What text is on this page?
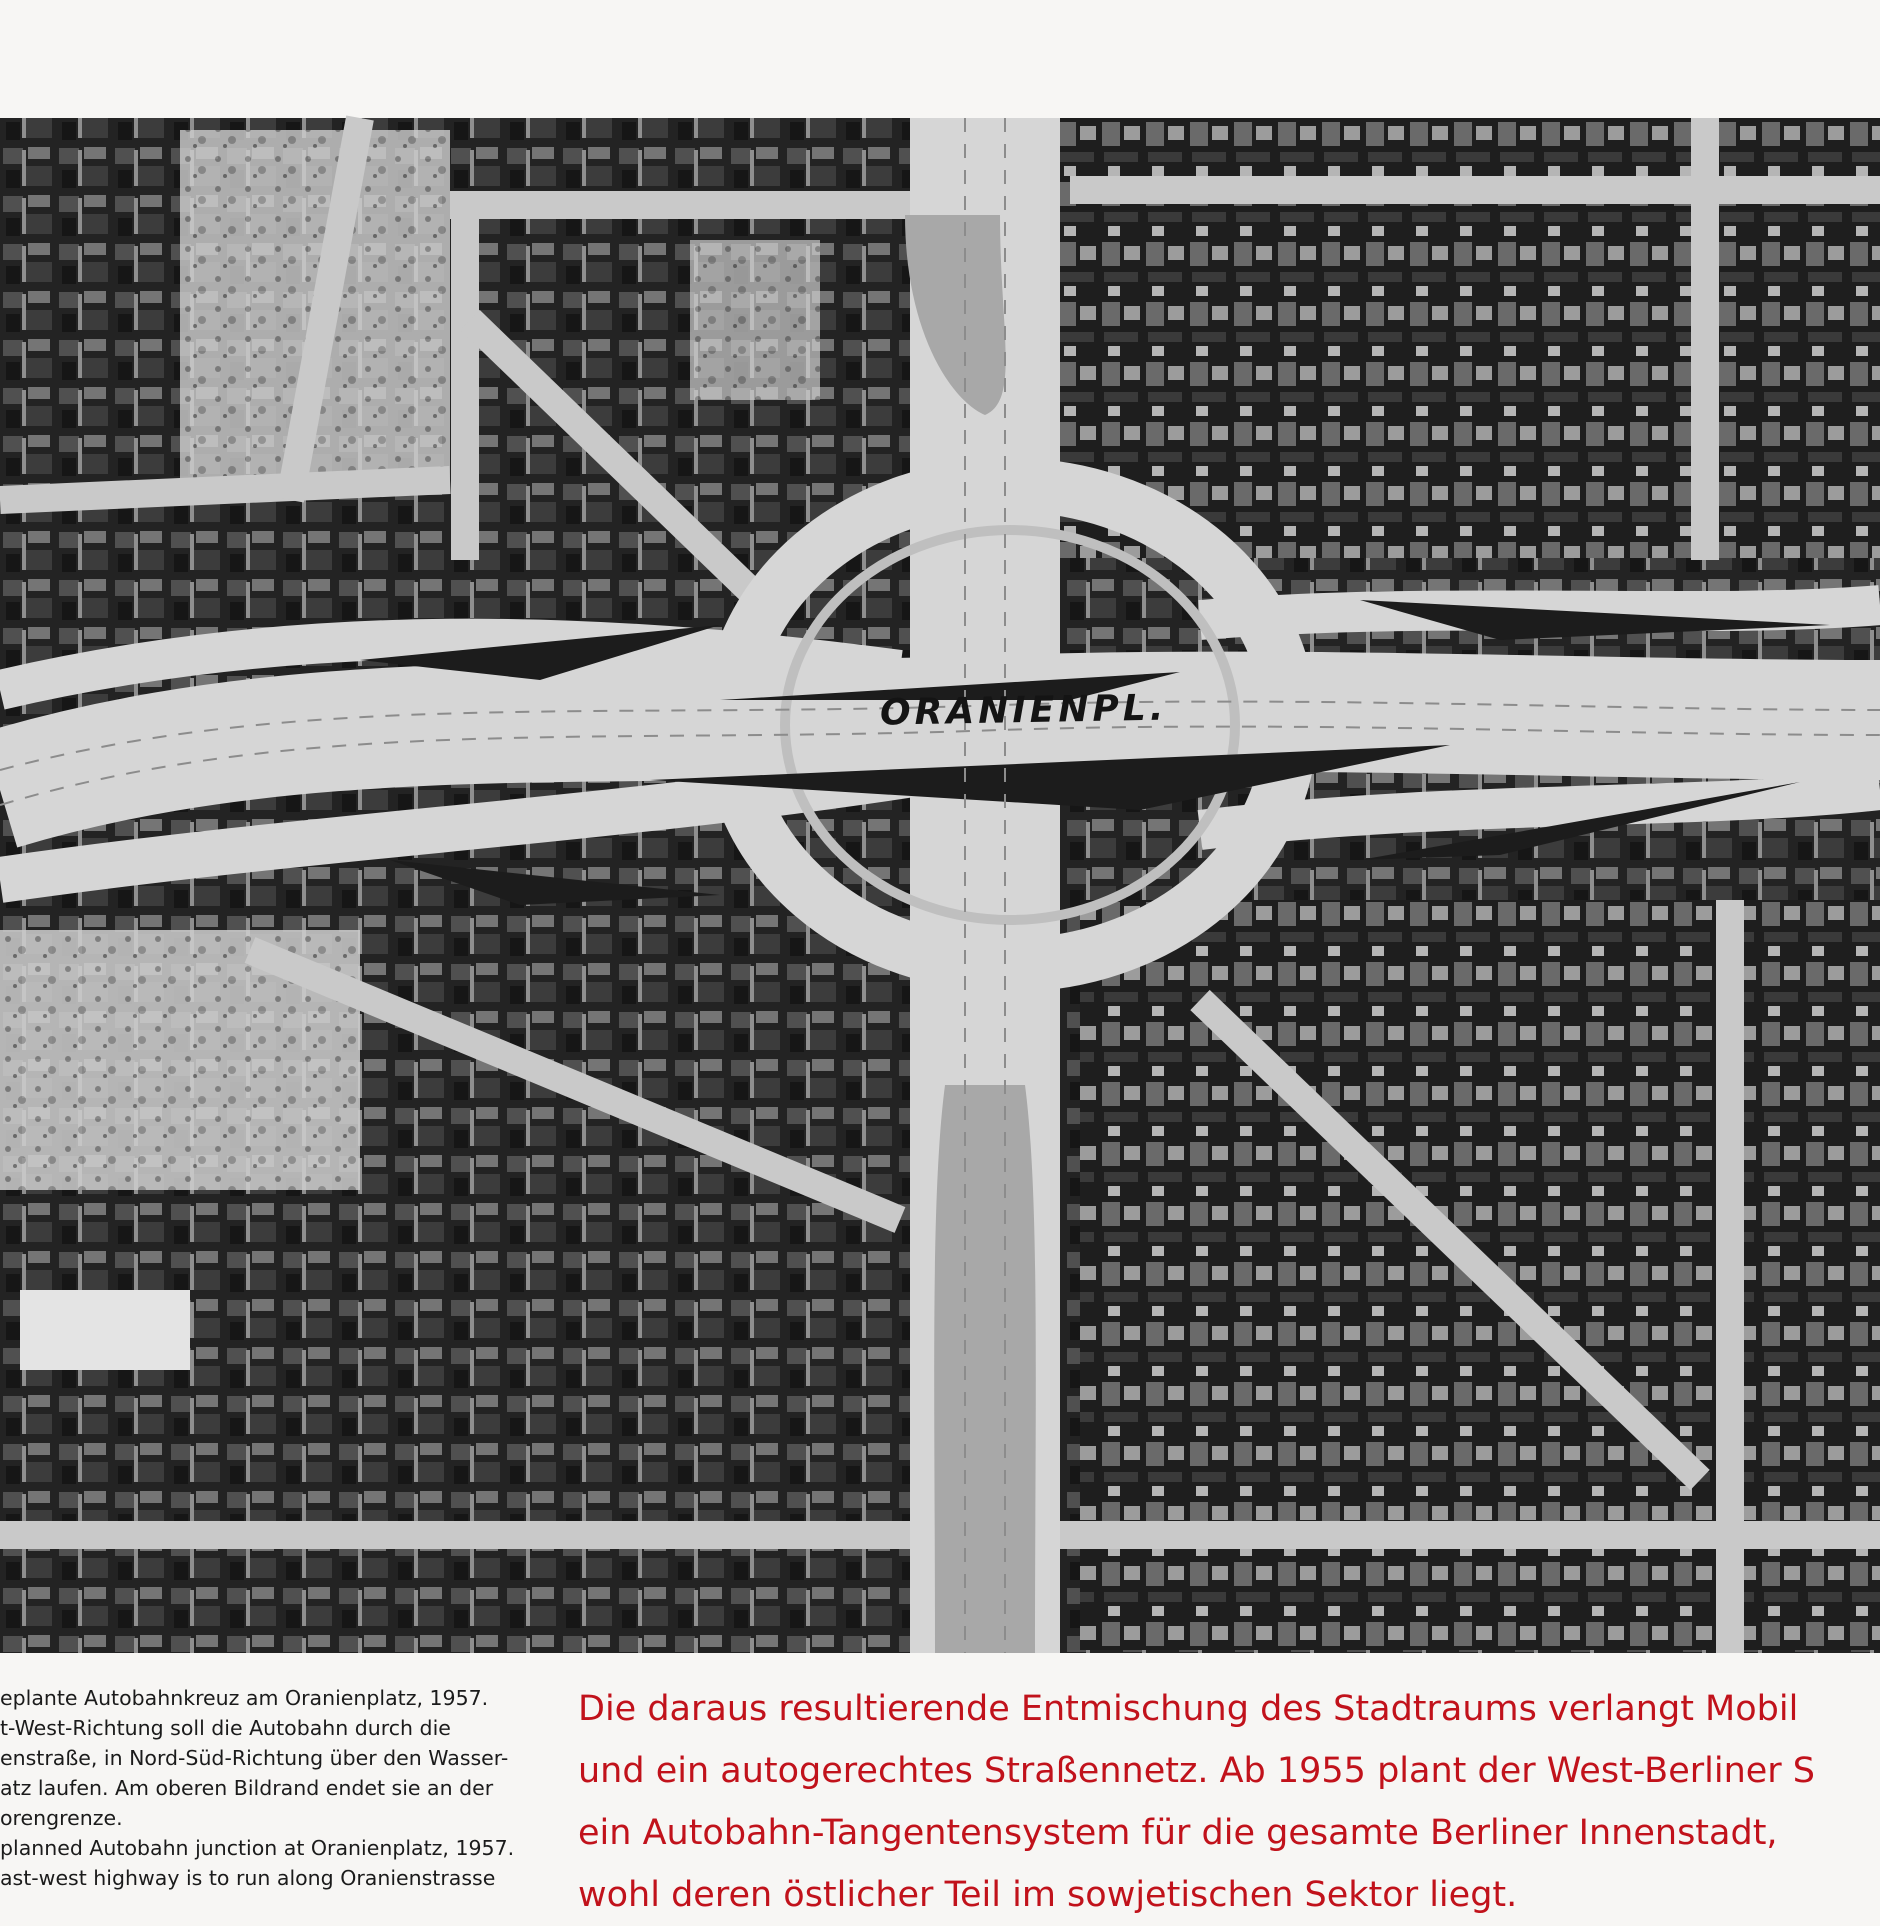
ORANIENPL.
eplante Autobahnkreuz am Oranienplatz, 1957.
t-West-Richtung soll die Autobahn durch die
enstraße, in Nord-Süd-Richtung über den Wasser-
atz laufen. Am oberen Bildrand endet sie an der
orengrenze.
planned Autobahn junction at Oranienplatz, 1957.
ast-west highway is to run along Oranienstrasse
Die daraus resultierende Entmischung des Stadtraums verlangt Mobil
und ein autogerechtes Straßennetz. Ab 1955 plant der West-Berliner S
ein Autobahn-Tangentensystem für die gesamte Berliner Innenstadt,
wohl deren östlicher Teil im sowjetischen Sektor liegt.
